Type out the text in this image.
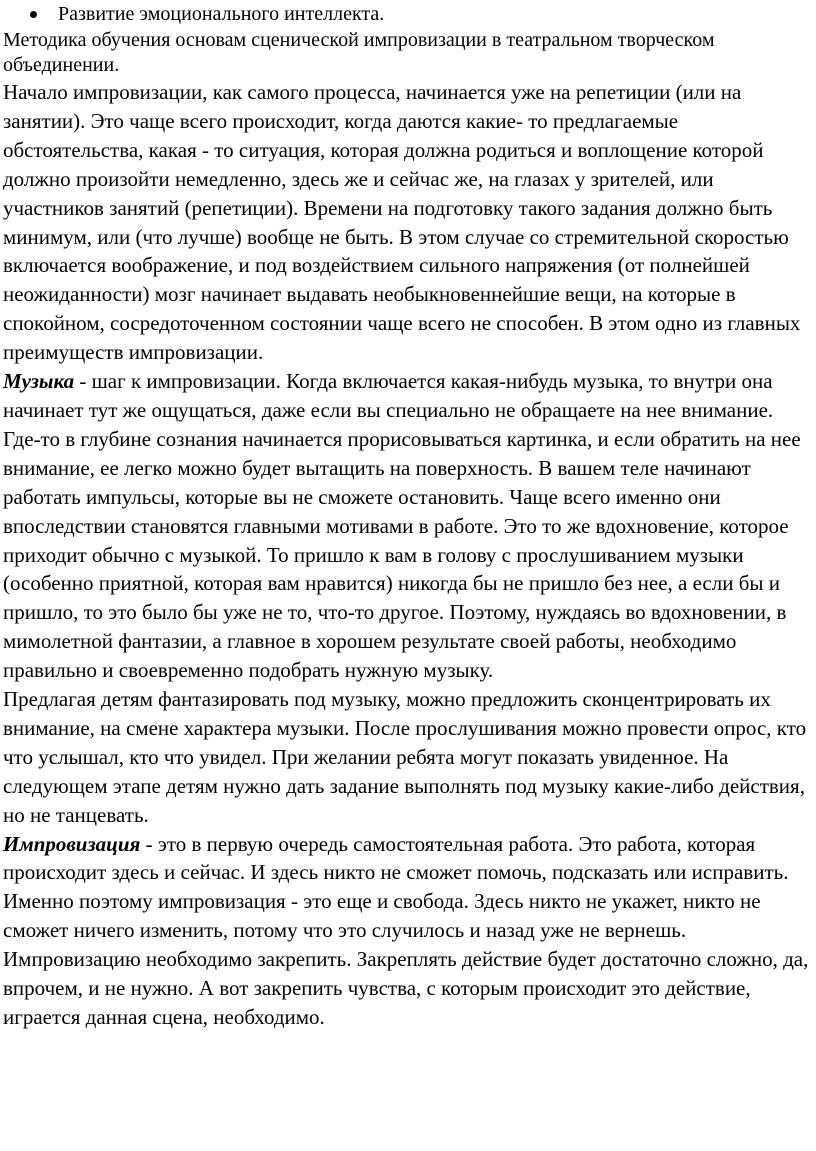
Развитие эмоционального интеллекта.

Методика обучения основам сценической импровизации в театральном творческом объединении.

Начало импровизации, как самого процесса, начинается уже на репетиции (или на занятии). Это чаще всего происходит, когда даются какие- то предлагаемые обстоятельства, какая - то ситуация, которая должна родиться и воплощение которой должно произойти немедленно, здесь же и сейчас же, на глазах у зрителей, или участников занятий (репетиции). Времени на подготовку такого задания должно быть минимум, или (что лучше) вообще не быть. В этом случае со стремительной скоростью включается воображение, и под воздействием сильного напряжения (от полнейшей неожиданности) мозг начинает выдавать необыкновеннейшие вещи, на которые в спокойном, сосредоточенном состоянии чаще всего не способен. В этом одно из главных преимуществ импровизации.

Музыка - шаг к импровизации. Когда включается какая-нибудь музыка, то внутри она начинает тут же ощущаться, даже если вы специально не обращаете на нее внимание. Где-то в глубине сознания начинается прорисовываться картинка, и если обратить на нее внимание, ее легко можно будет вытащить на поверхность. В вашем теле начинают работать импульсы, которые вы не сможете остановить. Чаще всего именно они впоследствии становятся главными мотивами в работе. Это то же вдохновение, которое приходит обычно с музыкой. То пришло к вам в голову с прослушиванием музыки (особенно приятной, которая вам нравится) никогда бы не пришло без нее, а если бы и пришло, то это было бы уже не то, что-то другое. Поэтому, нуждаясь во вдохновении, в мимолетной фантазии, а главное в хорошем результате своей работы, необходимо правильно и своевременно подобрать нужную музыку.

Предлагая детям фантазировать под музыку, можно предложить сконцентрировать их внимание, на смене характера музыки. После прослушивания можно провести опрос, кто что услышал, кто что увидел. При желании ребята могут показать увиденное. На следующем этапе детям нужно дать задание выполнять под музыку какие-либо действия, но не танцевать.

Импровизация - это в первую очередь самостоятельная работа. Это работа, которая происходит здесь и сейчас. И здесь никто не сможет помочь, подсказать или исправить.

Именно поэтому импровизация - это еще и свобода. Здесь никто не укажет, никто не сможет ничего изменить, потому что это случилось и назад уже не вернешь. Импровизацию необходимо закрепить. Закреплять действие будет достаточно сложно, да, впрочем, и не нужно. А вот закрепить чувства, с которым происходит это действие, играется данная сцена, необходимо.
